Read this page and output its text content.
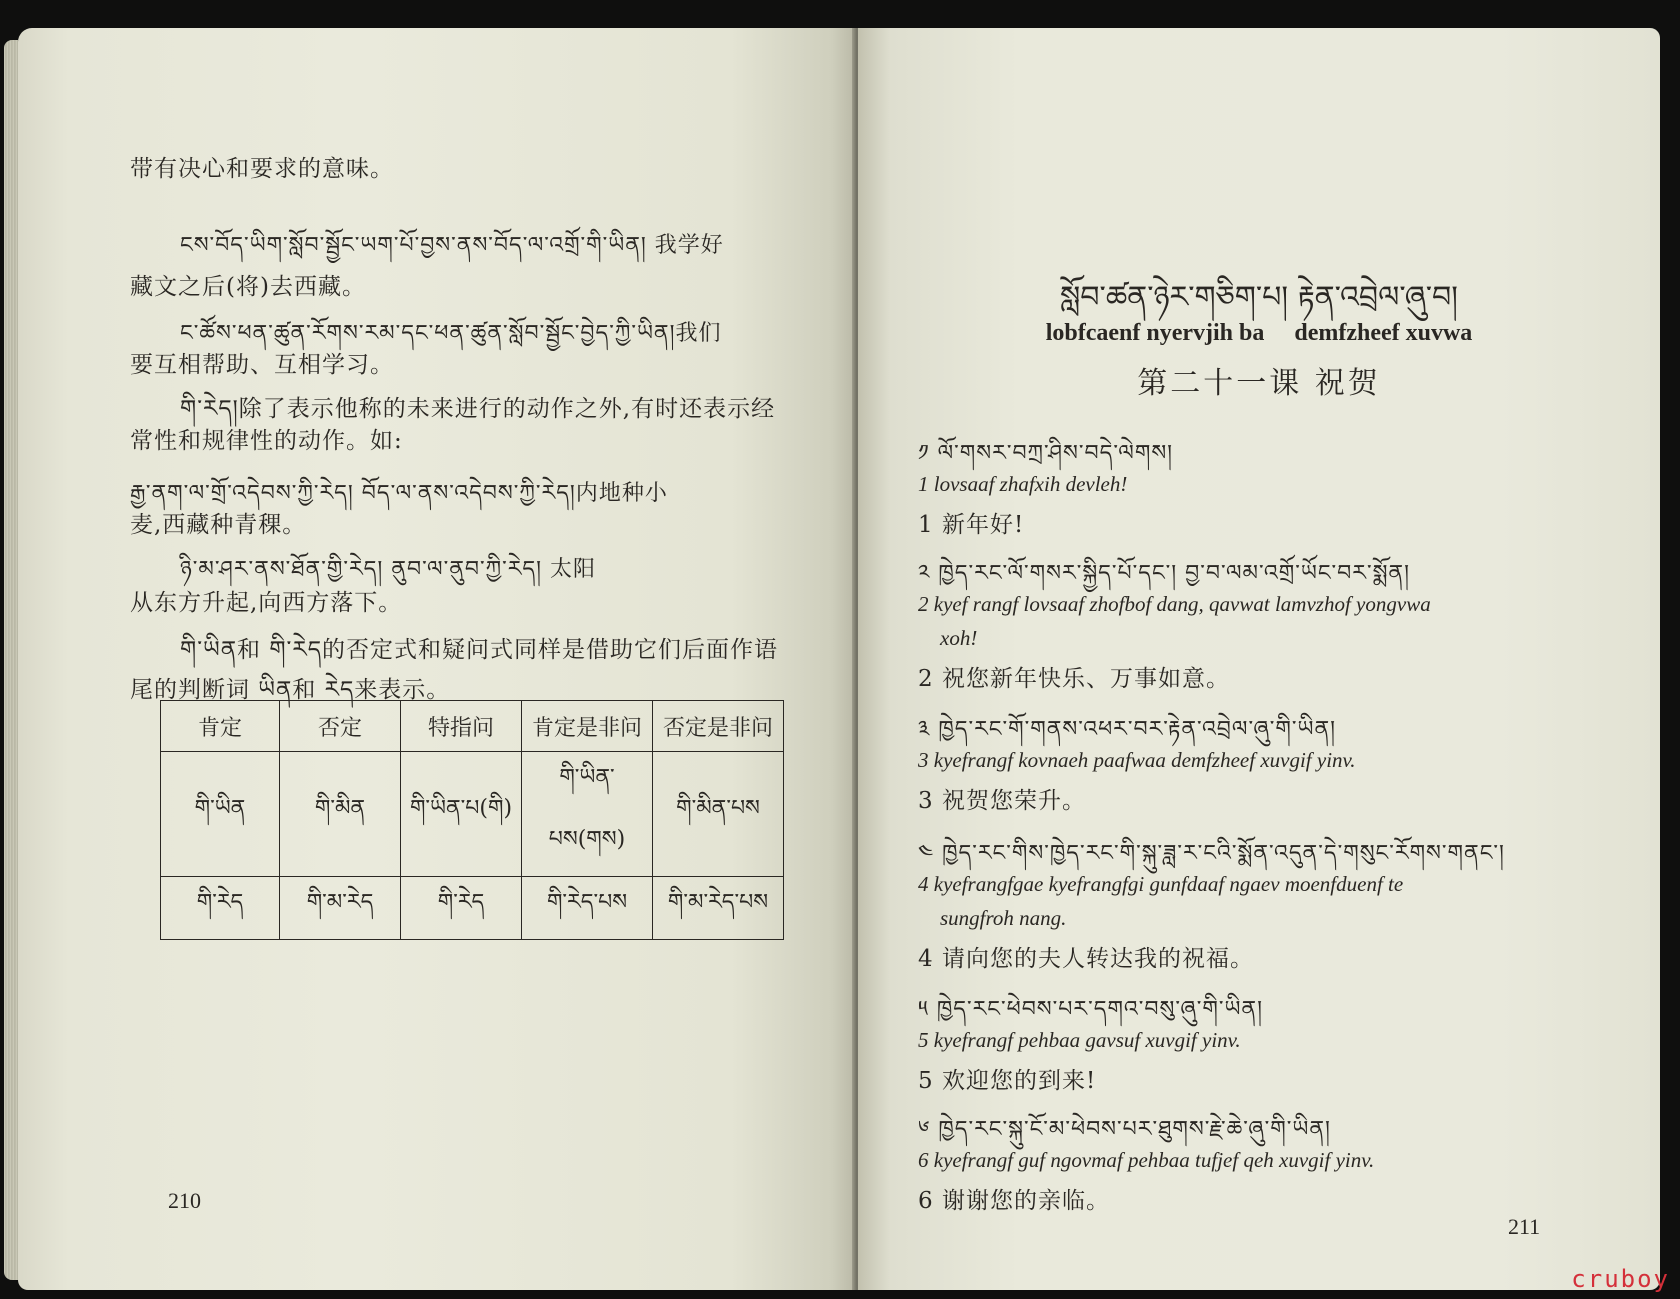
带有决心和要求的意味。
ངས་བོད་ཡིག་སློབ་སྦྱོང་ཡག་པོ་བྱས་ནས་བོད་ལ་འགྲོ་གི་ཡིན། 我学好
藏文之后(将)去西藏。
ང་ཚོས་ཕན་ཚུན་རོགས་རམ་དང་ཕན་ཚུན་སློབ་སྦྱོང་བྱེད་ཀྱི་ཡིན།我们
要互相帮助、互相学习。
གི་རེད།除了表示他称的未来进行的动作之外,有时还表示经
常性和规律性的动作。如:
རྒྱ་ནག་ལ་གྲོ་འདེབས་ཀྱི་རེད། བོད་ལ་ནས་འདེབས་ཀྱི་རེད།内地种小
麦,西藏种青稞。
ཉི་མ་ཤར་ནས་ཐོན་གྱི་རེད། ནུབ་ལ་ནུབ་ཀྱི་རེད། 太阳
从东方升起,向西方落下。
གི་ཡིན和 གི་རེད的否定式和疑问式同样是借助它们后面作语
尾的判断词 ཡིན和 རེད来表示。
肯定	否定	特指问	肯定是非问	否定是非问
གི་ཡིན	གི་མིན	གི་ཡིན་པ(གི)	གི་ཡིན་པས(གས)	གི་མིན་པས
གི་རེད	གི་མ་རེད	གི་རེད	གི་རེད་པས	གི་མ་རེད་པས
210
སློབ་ཚན་ཉེར་གཅིག་པ། རྟེན་འབྲེལ་ཞུ་བ།
lobfcaenf nyervjih ba     demfzheef xuvwa
第二十一课 祝贺
༡ ལོ་གསར་བཀྲ་ཤིས་བདེ་ལེགས།
1 lovsaaf zhafxih devleh!
1 新年好!
༢ ཁྱེད་རང་ལོ་གསར་སྐྱིད་པོ་དང་། བྱ་བ་ལམ་འགྲོ་ཡོང་བར་སྨོན།
2 kyef rangf lovsaaf zhofbof dang, qavwat lamvzhof yongvwa
xoh!
2 祝您新年快乐、万事如意。
༣ ཁྱེད་རང་གོ་གནས་འཕར་བར་རྟེན་འབྲེལ་ཞུ་གི་ཡིན།
3 kyefrangf kovnaeh paafwaa demfzheef xuvgif yinv.
3 祝贺您荣升。
༤ ཁྱེད་རང་གིས་ཁྱེད་རང་གི་སྐུ་ཟླ་ར་ངའི་སྨོན་འདུན་དེ་གསུང་རོགས་གནང་།
4 kyefrangfgae kyefrangfgi gunfdaaf ngaev moenfduenf te
sungfroh nang.
4 请向您的夫人转达我的祝福。
༥ ཁྱེད་རང་ཕེབས་པར་དགའ་བསུ་ཞུ་གི་ཡིན།
5 kyefrangf pehbaa gavsuf xuvgif yinv.
5 欢迎您的到来!
༦ ཁྱེད་རང་སྐུ་ངོ་མ་ཕེབས་པར་ཐུགས་རྗེ་ཆེ་ཞུ་གི་ཡིན།
6 kyefrangf guf ngovmaf pehbaa tufjef qeh xuvgif yinv.
6 谢谢您的亲临。
211
cruboy
